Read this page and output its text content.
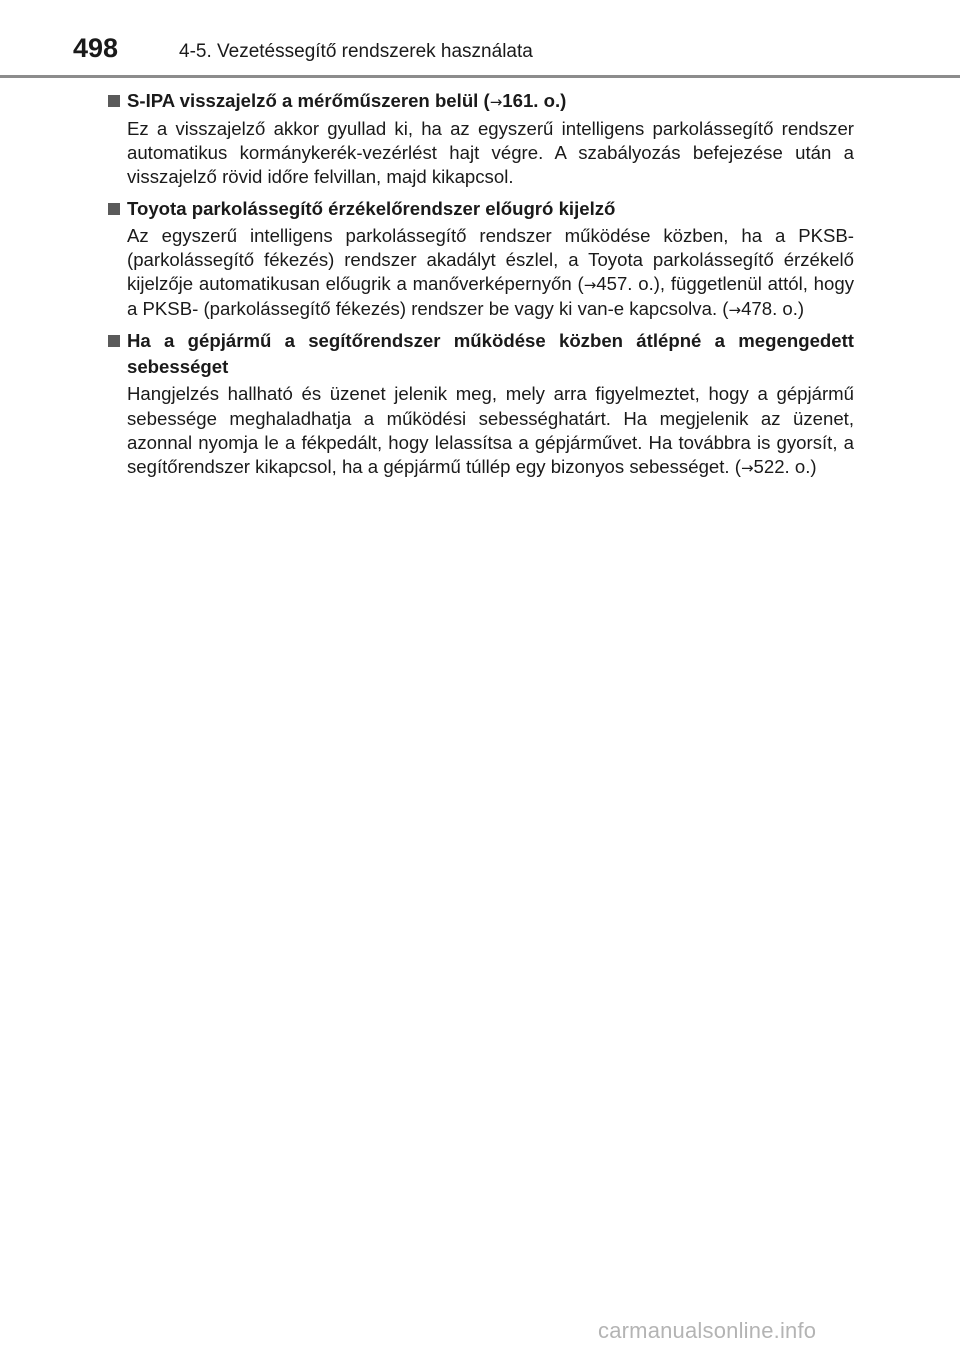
498	4-5. Vezetéssegítő rendszerek használata
S-IPA visszajelző a mérőműszeren belül (→161. o.)
Ez a visszajelző akkor gyullad ki, ha az egyszerű intelligens parkolássegítő rendszer automatikus kormánykerék-vezérlést hajt végre. A szabályozás befejezése után a visszajelző rövid időre felvillan, majd kikapcsol.
Toyota parkolássegítő érzékelőrendszer előugró kijelző
Az egyszerű intelligens parkolássegítő rendszer működése közben, ha a PKSB- (parkolássegítő fékezés) rendszer akadályt észlel, a Toyota parkolássegítő érzékelő kijelzője automatikusan előugrik a manőverképernyőn (→457. o.), függetlenül attól, hogy a PKSB- (parkolássegítő fékezés) rendszer be vagy ki van-e kapcsolva. (→478. o.)
Ha a gépjármű a segítőrendszer működése közben átlépné a megengedett sebességet
Hangjelzés hallható és üzenet jelenik meg, mely arra figyelmeztet, hogy a gépjármű sebessége meghaladhatja a működési sebességhatárt. Ha megjelenik az üzenet, azonnal nyomja le a fékpedált, hogy lelassítsa a gépjárművet. Ha továbbra is gyorsít, a segítőrendszer kikapcsol, ha a gépjármű túllép egy bizonyos sebességet. (→522. o.)
carmanualsonline.info
